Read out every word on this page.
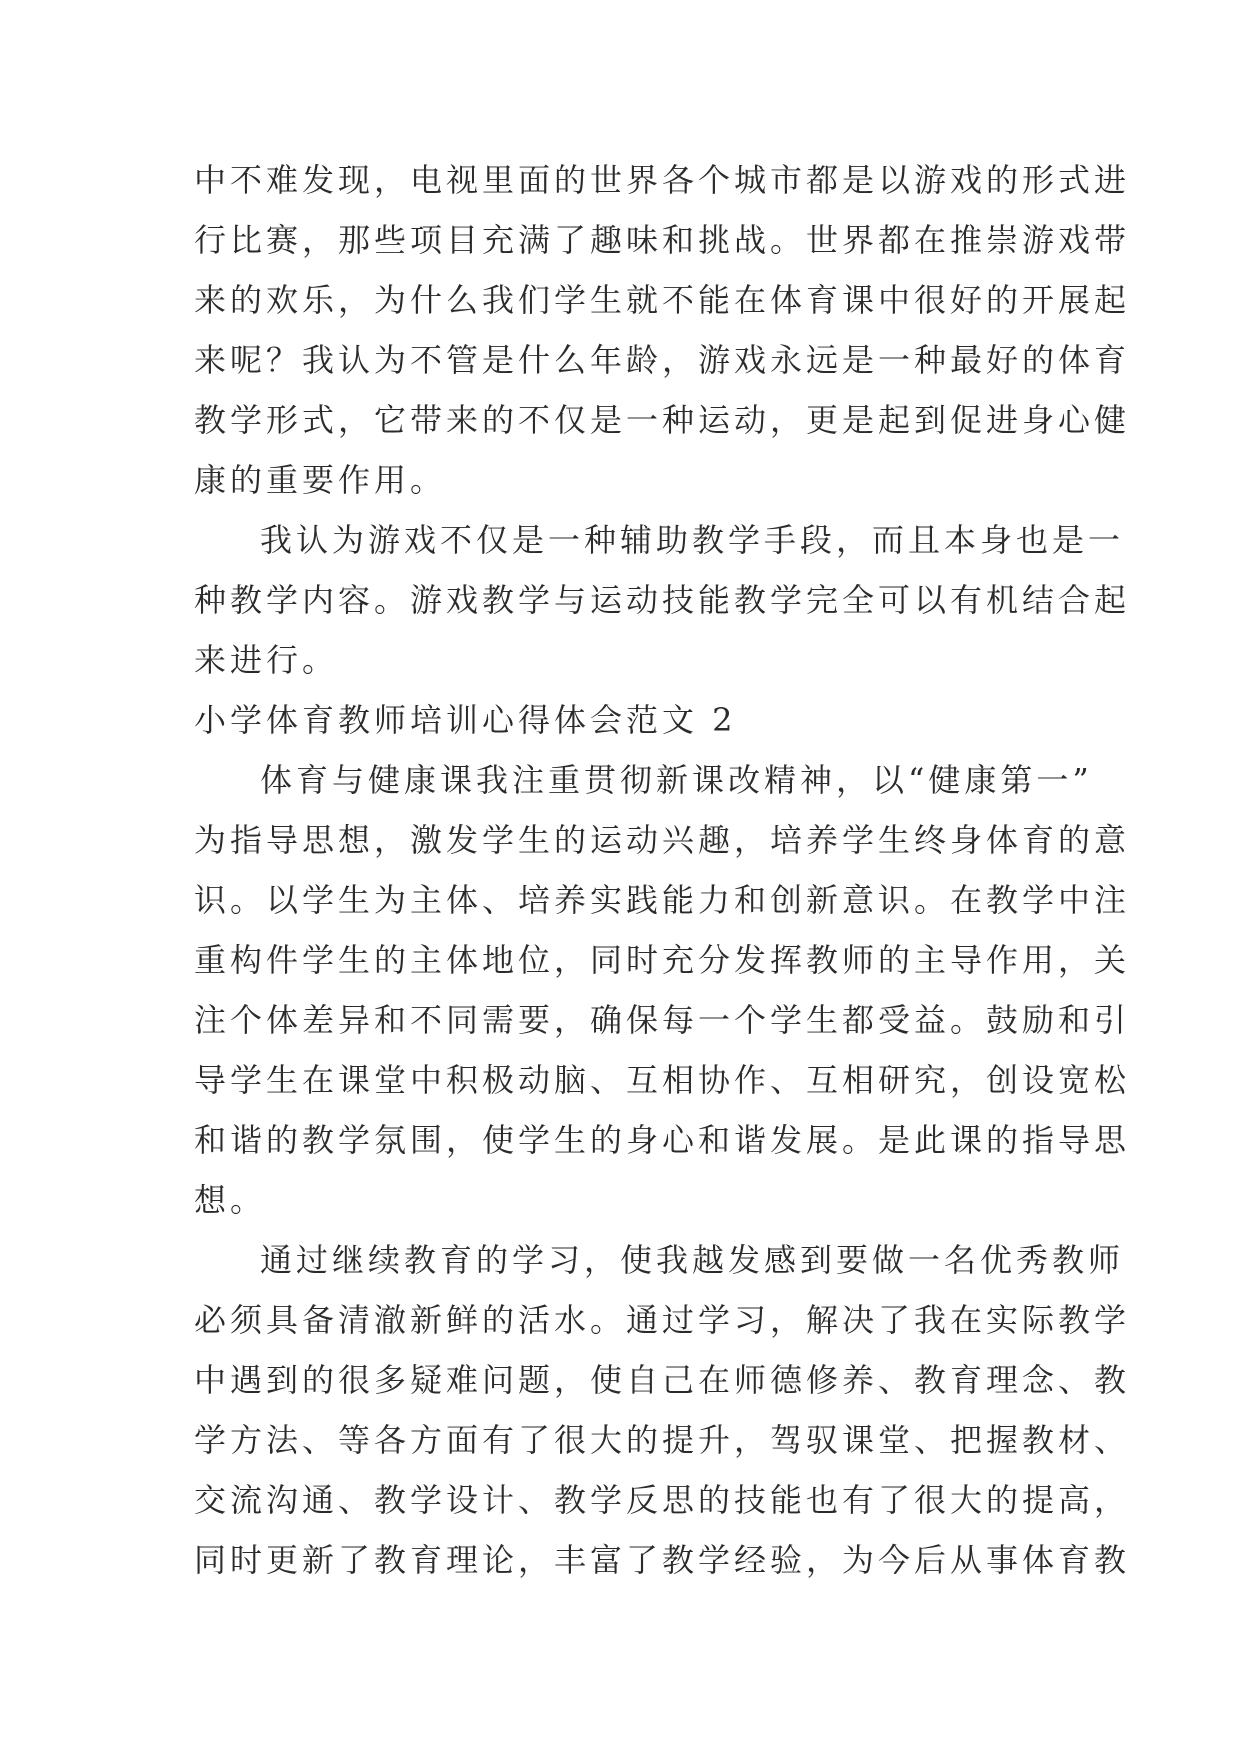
中不难发现，电视里面的世界各个城市都是以游戏的形式进
行比赛，那些项目充满了趣味和挑战。世界都在推崇游戏带
来的欢乐，为什么我们学生就不能在体育课中很好的开展起
来呢？我认为不管是什么年龄，游戏永远是一种最好的体育
教学形式，它带来的不仅是一种运动，更是起到促进身心健
康的重要作用。
我认为游戏不仅是一种辅助教学手段，而且本身也是一
种教学内容。游戏教学与运动技能教学完全可以有机结合起
来进行。
小学体育教师培训心得体会范文 2
体育与健康课我注重贯彻新课改精神，以“健康第一”
为指导思想，激发学生的运动兴趣，培养学生终身体育的意
识。以学生为主体、培养实践能力和创新意识。在教学中注
重构件学生的主体地位，同时充分发挥教师的主导作用，关
注个体差异和不同需要，确保每一个学生都受益。鼓励和引
导学生在课堂中积极动脑、互相协作、互相研究，创设宽松
和谐的教学氛围，使学生的身心和谐发展。是此课的指导思
想。
通过继续教育的学习，使我越发感到要做一名优秀教师
必须具备清澈新鲜的活水。通过学习，解决了我在实际教学
中遇到的很多疑难问题，使自己在师德修养、教育理念、教
学方法、等各方面有了很大的提升，驾驭课堂、把握教材、
交流沟通、教学设计、教学反思的技能也有了很大的提高，
同时更新了教育理论，丰富了教学经验，为今后从事体育教
